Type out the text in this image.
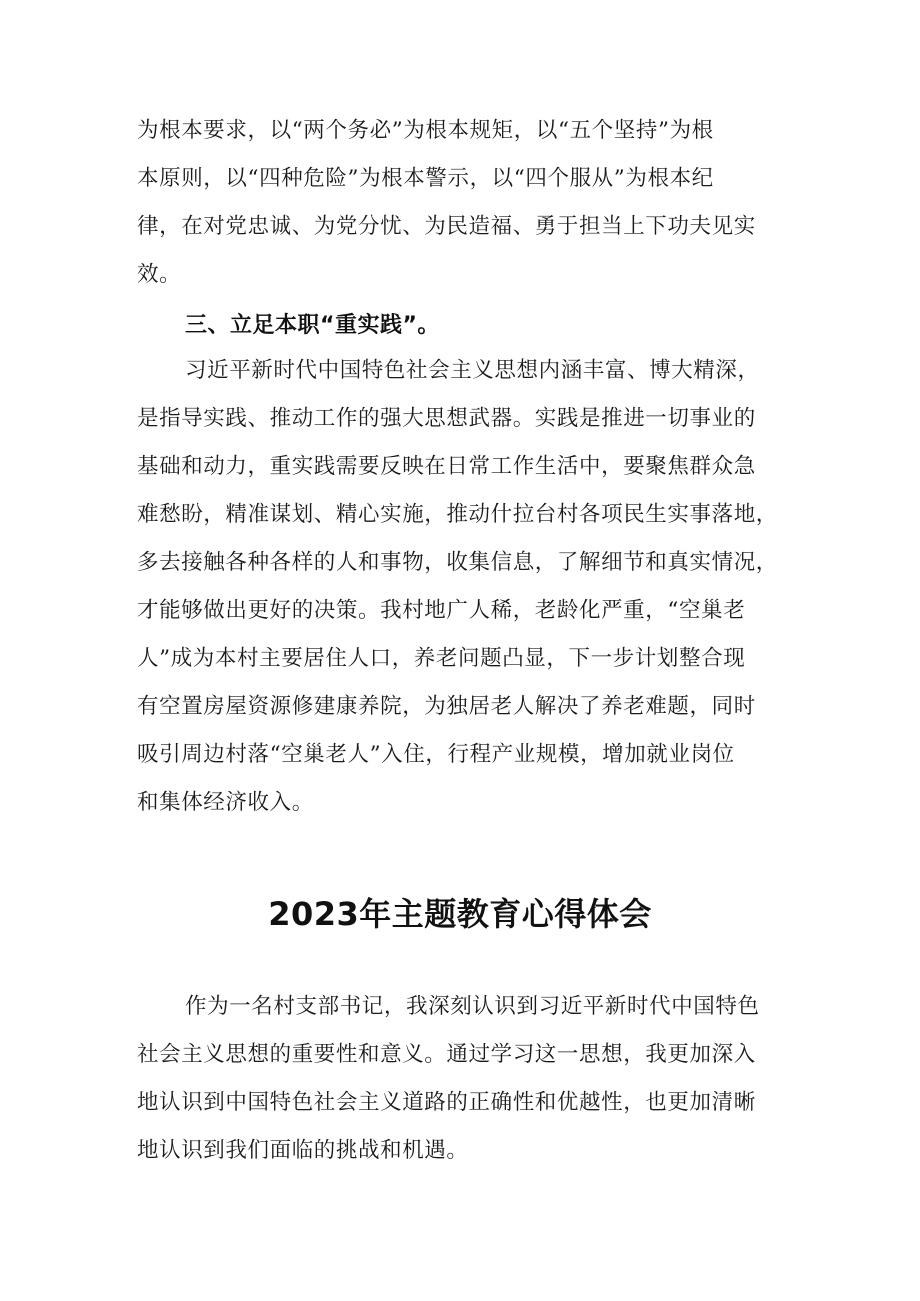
为根本要求，以“两个务必”为根本规矩，以“五个坚持”为根
本原则，以“四种危险”为根本警示，以“四个服从”为根本纪
律，在对党忠诚、为党分忧、为民造福、勇于担当上下功夫见实
效。
三、立足本职“重实践”。
习近平新时代中国特色社会主义思想内涵丰富、博大精深，
是指导实践、推动工作的强大思想武器。实践是推进一切事业的
基础和动力，重实践需要反映在日常工作生活中，要聚焦群众急
难愁盼，精准谋划、精心实施，推动什拉台村各项民生实事落地，
多去接触各种各样的人和事物，收集信息，了解细节和真实情况，
才能够做出更好的决策。我村地广人稀，老龄化严重，“空巢老
人”成为本村主要居住人口，养老问题凸显，下一步计划整合现
有空置房屋资源修建康养院，为独居老人解决了养老难题，同时
吸引周边村落“空巢老人”入住，行程产业规模，增加就业岗位
和集体经济收入。
2023年主题教育心得体会
作为一名村支部书记，我深刻认识到习近平新时代中国特色
社会主义思想的重要性和意义。通过学习这一思想，我更加深入
地认识到中国特色社会主义道路的正确性和优越性，也更加清晰
地认识到我们面临的挑战和机遇。
